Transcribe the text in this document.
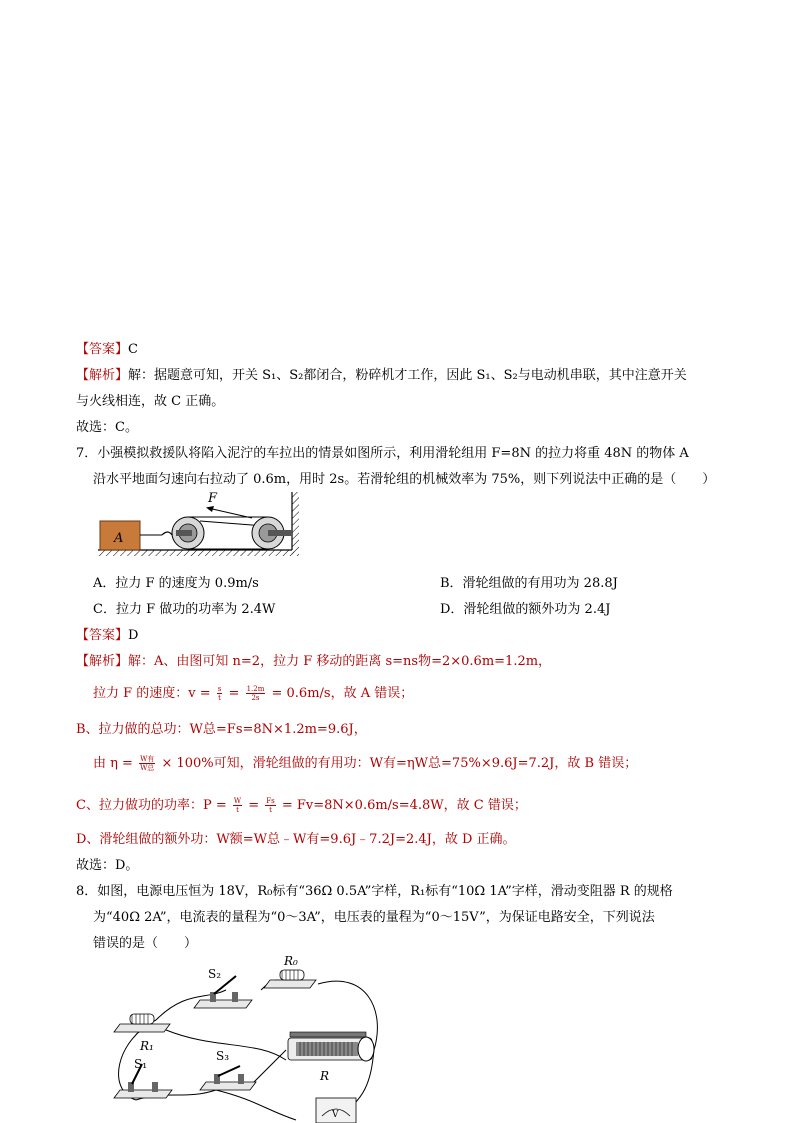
【答案】C
【解析】解：据题意可知，开关 S₁、S₂都闭合，粉碎机才工作，因此 S₁、S₂与电动机串联，其中注意开关
与火线相连，故 C 正确。
故选：C。
7．小强模拟救援队将陷入泥泞的车拉出的情景如图所示，利用滑轮组用 F=8N 的拉力将重 48N 的物体 A
沿水平地面匀速向右拉动了 0.6m，用时 2s。若滑轮组的机械效率为 75%，则下列说法中正确的是（　　）
F
A
A．拉力 F 的速度为 0.9m/s	B．滑轮组做的有用功为 28.8J
C．拉力 F 做功的功率为 2.4W	D．滑轮组做的额外功为 2.4J
【答案】D
【解析】解：A、由图可知 n=2，拉力 F 移动的距离 s=ns物=2×0.6m=1.2m，
拉力 F 的速度：$v = \frac{s}{t} = \frac{1.2m}{2s} = 0.6m/s$，故 A 错误；
B、拉力做的总功：W总=Fs=8N×1.2m=9.6J，
由 $\eta = \frac{\text{W有}}{\text{W总}} \times 100\%$可知，滑轮组做的有用功：W有=ηW总=75%×9.6J=7.2J，故 B 错误；
C、拉力做功的功率：$P = \frac{W}{t} = \frac{Fs}{t} = Fv=8N\times 0.6m/s=4.8W$，故 C 错误；
D、滑轮组做的额外功：W额=W总﹣W有=9.6J﹣7.2J=2.4J，故 D 正确。
故选：D。
8．如图，电源电压恒为 18V，R₀标有“36Ω 0.5A”字样，R₁标有“10Ω 1A”字样，滑动变阻器 R 的规格
为“40Ω 2A”，电流表的量程为“0～3A”，电压表的量程为“0～15V”，为保证电路安全，下列说法
错误的是（　　）
S₂
R₀
R₁
S₁
S₃
R
V
